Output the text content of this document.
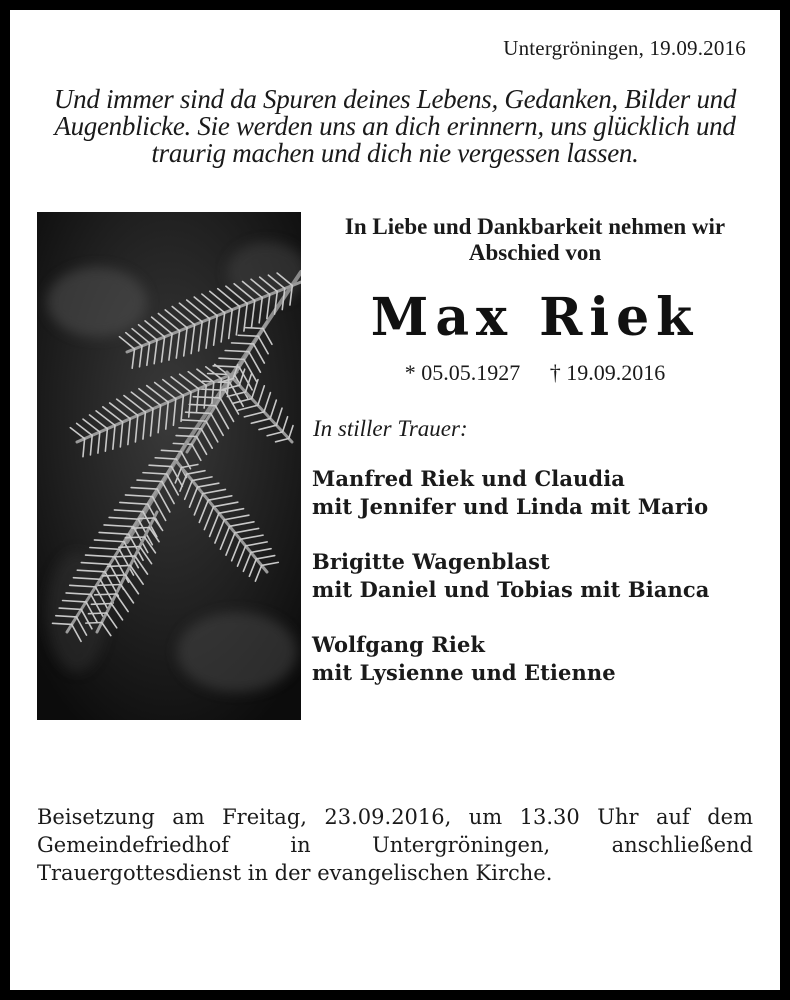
Untergröningen, 19.09.2016
Und immer sind da Spuren deines Lebens, Gedanken, Bilder und
Augenblicke. Sie werden uns an dich erinnern, uns glücklich und
traurig machen und dich nie vergessen lassen.
In Liebe und Dankbarkeit nehmen wir
Abschied von
Max Riek
* 05.05.1927 † 19.09.2016
In stiller Trauer:
Manfred Riek und Claudia
mit Jennifer und Linda mit Mario
Brigitte Wagenblast
mit Daniel und Tobias mit Bianca
Wolfgang Riek
mit Lysienne und Etienne
Beisetzung am Freitag, 23.09.2016, um 13.30 Uhr auf dem Gemeindefriedhof in Untergröningen, anschließend Trauergottesdienst in der evangelischen Kirche.
